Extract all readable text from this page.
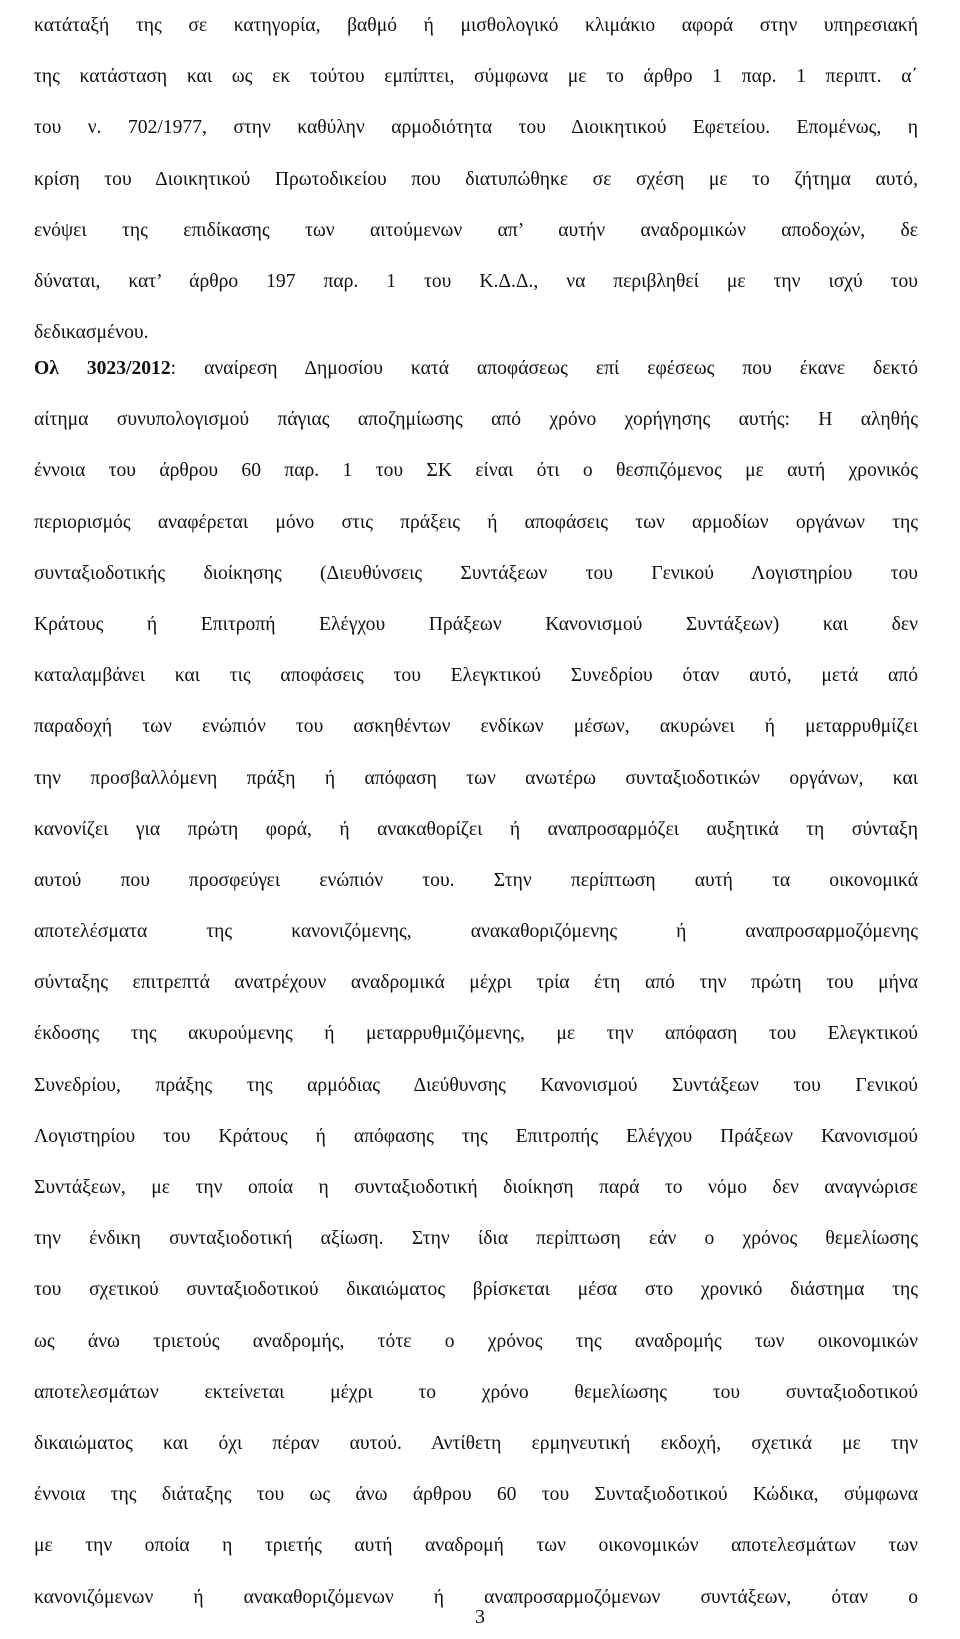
κατάταξή της σε κατηγορία, βαθμό ή μισθολογικό κλιμάκιο αφορά στην υπηρεσιακή
της κατάσταση και ως εκ τούτου εμπίπτει, σύμφωνα με το άρθρο 1 παρ. 1 περιπτ. α΄
του ν. 702/1977, στην καθύλην αρμοδιότητα του Διοικητικού Εφετείου. Επομένως, η
κρίση του Διοικητικού Πρωτοδικείου που διατυπώθηκε σε σχέση με το ζήτημα αυτό,
ενόψει της επιδίκασης των αιτούμενων απ’ αυτήν αναδρομικών αποδοχών, δε
δύναται, κατ’ άρθρο 197 παρ. 1 του Κ.Δ.Δ., να περιβληθεί με την ισχύ του
δεδικασμένου.
Ολ 3023/2012: αναίρεση Δημοσίου κατά αποφάσεως επί εφέσεως που έκανε δεκτό
αίτημα συνυπολογισμού πάγιας αποζημίωσης από χρόνο χορήγησης αυτής: Η αληθής
έννοια του άρθρου 60 παρ. 1 του ΣΚ είναι ότι ο θεσπιζόμενος με αυτή χρονικός
περιορισμός αναφέρεται μόνο στις πράξεις ή αποφάσεις των αρμοδίων οργάνων της
συνταξιοδοτικής διοίκησης (Διευθύνσεις Συντάξεων του Γενικού Λογιστηρίου του
Κράτους ή Επιτροπή Ελέγχου Πράξεων Κανονισμού Συντάξεων) και δεν
καταλαμβάνει και τις αποφάσεις του Ελεγκτικού Συνεδρίου όταν αυτό, μετά από
παραδοχή των ενώπιόν του ασκηθέντων ενδίκων μέσων, ακυρώνει ή μεταρρυθμίζει
την προσβαλλόμενη πράξη ή απόφαση των ανωτέρω συνταξιοδοτικών οργάνων, και
κανονίζει για πρώτη φορά, ή ανακαθορίζει ή αναπροσαρμόζει αυξητικά τη σύνταξη
αυτού που προσφεύγει ενώπιόν του. Στην περίπτωση αυτή τα οικονομικά
αποτελέσματα της κανονιζόμενης, ανακαθοριζόμενης ή αναπροσαρμοζόμενης
σύνταξης επιτρεπτά ανατρέχουν αναδρομικά μέχρι τρία έτη από την πρώτη του μήνα
έκδοσης της ακυρούμενης ή μεταρρυθμιζόμενης, με την απόφαση του Ελεγκτικού
Συνεδρίου, πράξης της αρμόδιας Διεύθυνσης Κανονισμού Συντάξεων του Γενικού
Λογιστηρίου του Κράτους ή απόφασης της Επιτροπής Ελέγχου Πράξεων Κανονισμού
Συντάξεων, με την οποία η συνταξιοδοτική διοίκηση παρά το νόμο δεν αναγνώρισε
την ένδικη συνταξιοδοτική αξίωση. Στην ίδια περίπτωση εάν ο χρόνος θεμελίωσης
του σχετικού συνταξιοδοτικού δικαιώματος βρίσκεται μέσα στο χρονικό διάστημα της
ως άνω τριετούς αναδρομής, τότε ο χρόνος της αναδρομής των οικονομικών
αποτελεσμάτων εκτείνεται μέχρι το χρόνο θεμελίωσης του συνταξιοδοτικού
δικαιώματος και όχι πέραν αυτού. Αντίθετη ερμηνευτική εκδοχή, σχετικά με την
έννοια της διάταξης του ως άνω άρθρου 60 του Συνταξιοδοτικού Κώδικα, σύμφωνα
με την οποία η τριετής αυτή αναδρομή των οικονομικών αποτελεσμάτων των
κανονιζόμενων ή ανακαθοριζόμενων ή αναπροσαρμοζόμενων συντάξεων, όταν ο
3
